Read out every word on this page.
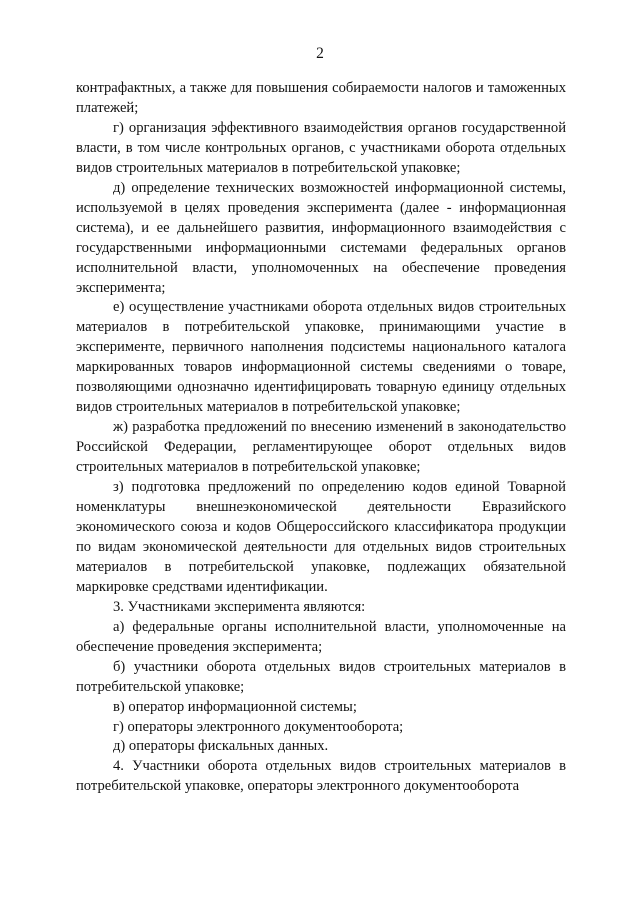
2

контрафактных, а также для повышения собираемости налогов и таможенных платежей;

г) организация эффективного взаимодействия органов государственной власти, в том числе контрольных органов, с участниками оборота отдельных видов строительных материалов в потребительской упаковке;

д) определение технических возможностей информационной системы, используемой в целях проведения эксперимента (далее - информационная система), и ее дальнейшего развития, информационного взаимодействия с государственными информационными системами федеральных органов исполнительной власти, уполномоченных на обеспечение проведения эксперимента;

е) осуществление участниками оборота отдельных видов строительных материалов в потребительской упаковке, принимающими участие в эксперименте, первичного наполнения подсистемы национального каталога маркированных товаров информационной системы сведениями о товаре, позволяющими однозначно идентифицировать товарную единицу отдельных видов строительных материалов в потребительской упаковке;

ж) разработка предложений по внесению изменений в законодательство Российской Федерации, регламентирующее оборот отдельных видов строительных материалов в потребительской упаковке;

з) подготовка предложений по определению кодов единой Товарной номенклатуры внешнеэкономической деятельности Евразийского экономического союза и кодов Общероссийского классификатора продукции по видам экономической деятельности для отдельных видов строительных материалов в потребительской упаковке, подлежащих обязательной маркировке средствами идентификации.

3. Участниками эксперимента являются:

а) федеральные органы исполнительной власти, уполномоченные на обеспечение проведения эксперимента;

б) участники оборота отдельных видов строительных материалов в потребительской упаковке;

в) оператор информационной системы;

г) операторы электронного документооборота;

д) операторы фискальных данных.

4. Участники оборота отдельных видов строительных материалов в потребительской упаковке, операторы электронного документооборота
